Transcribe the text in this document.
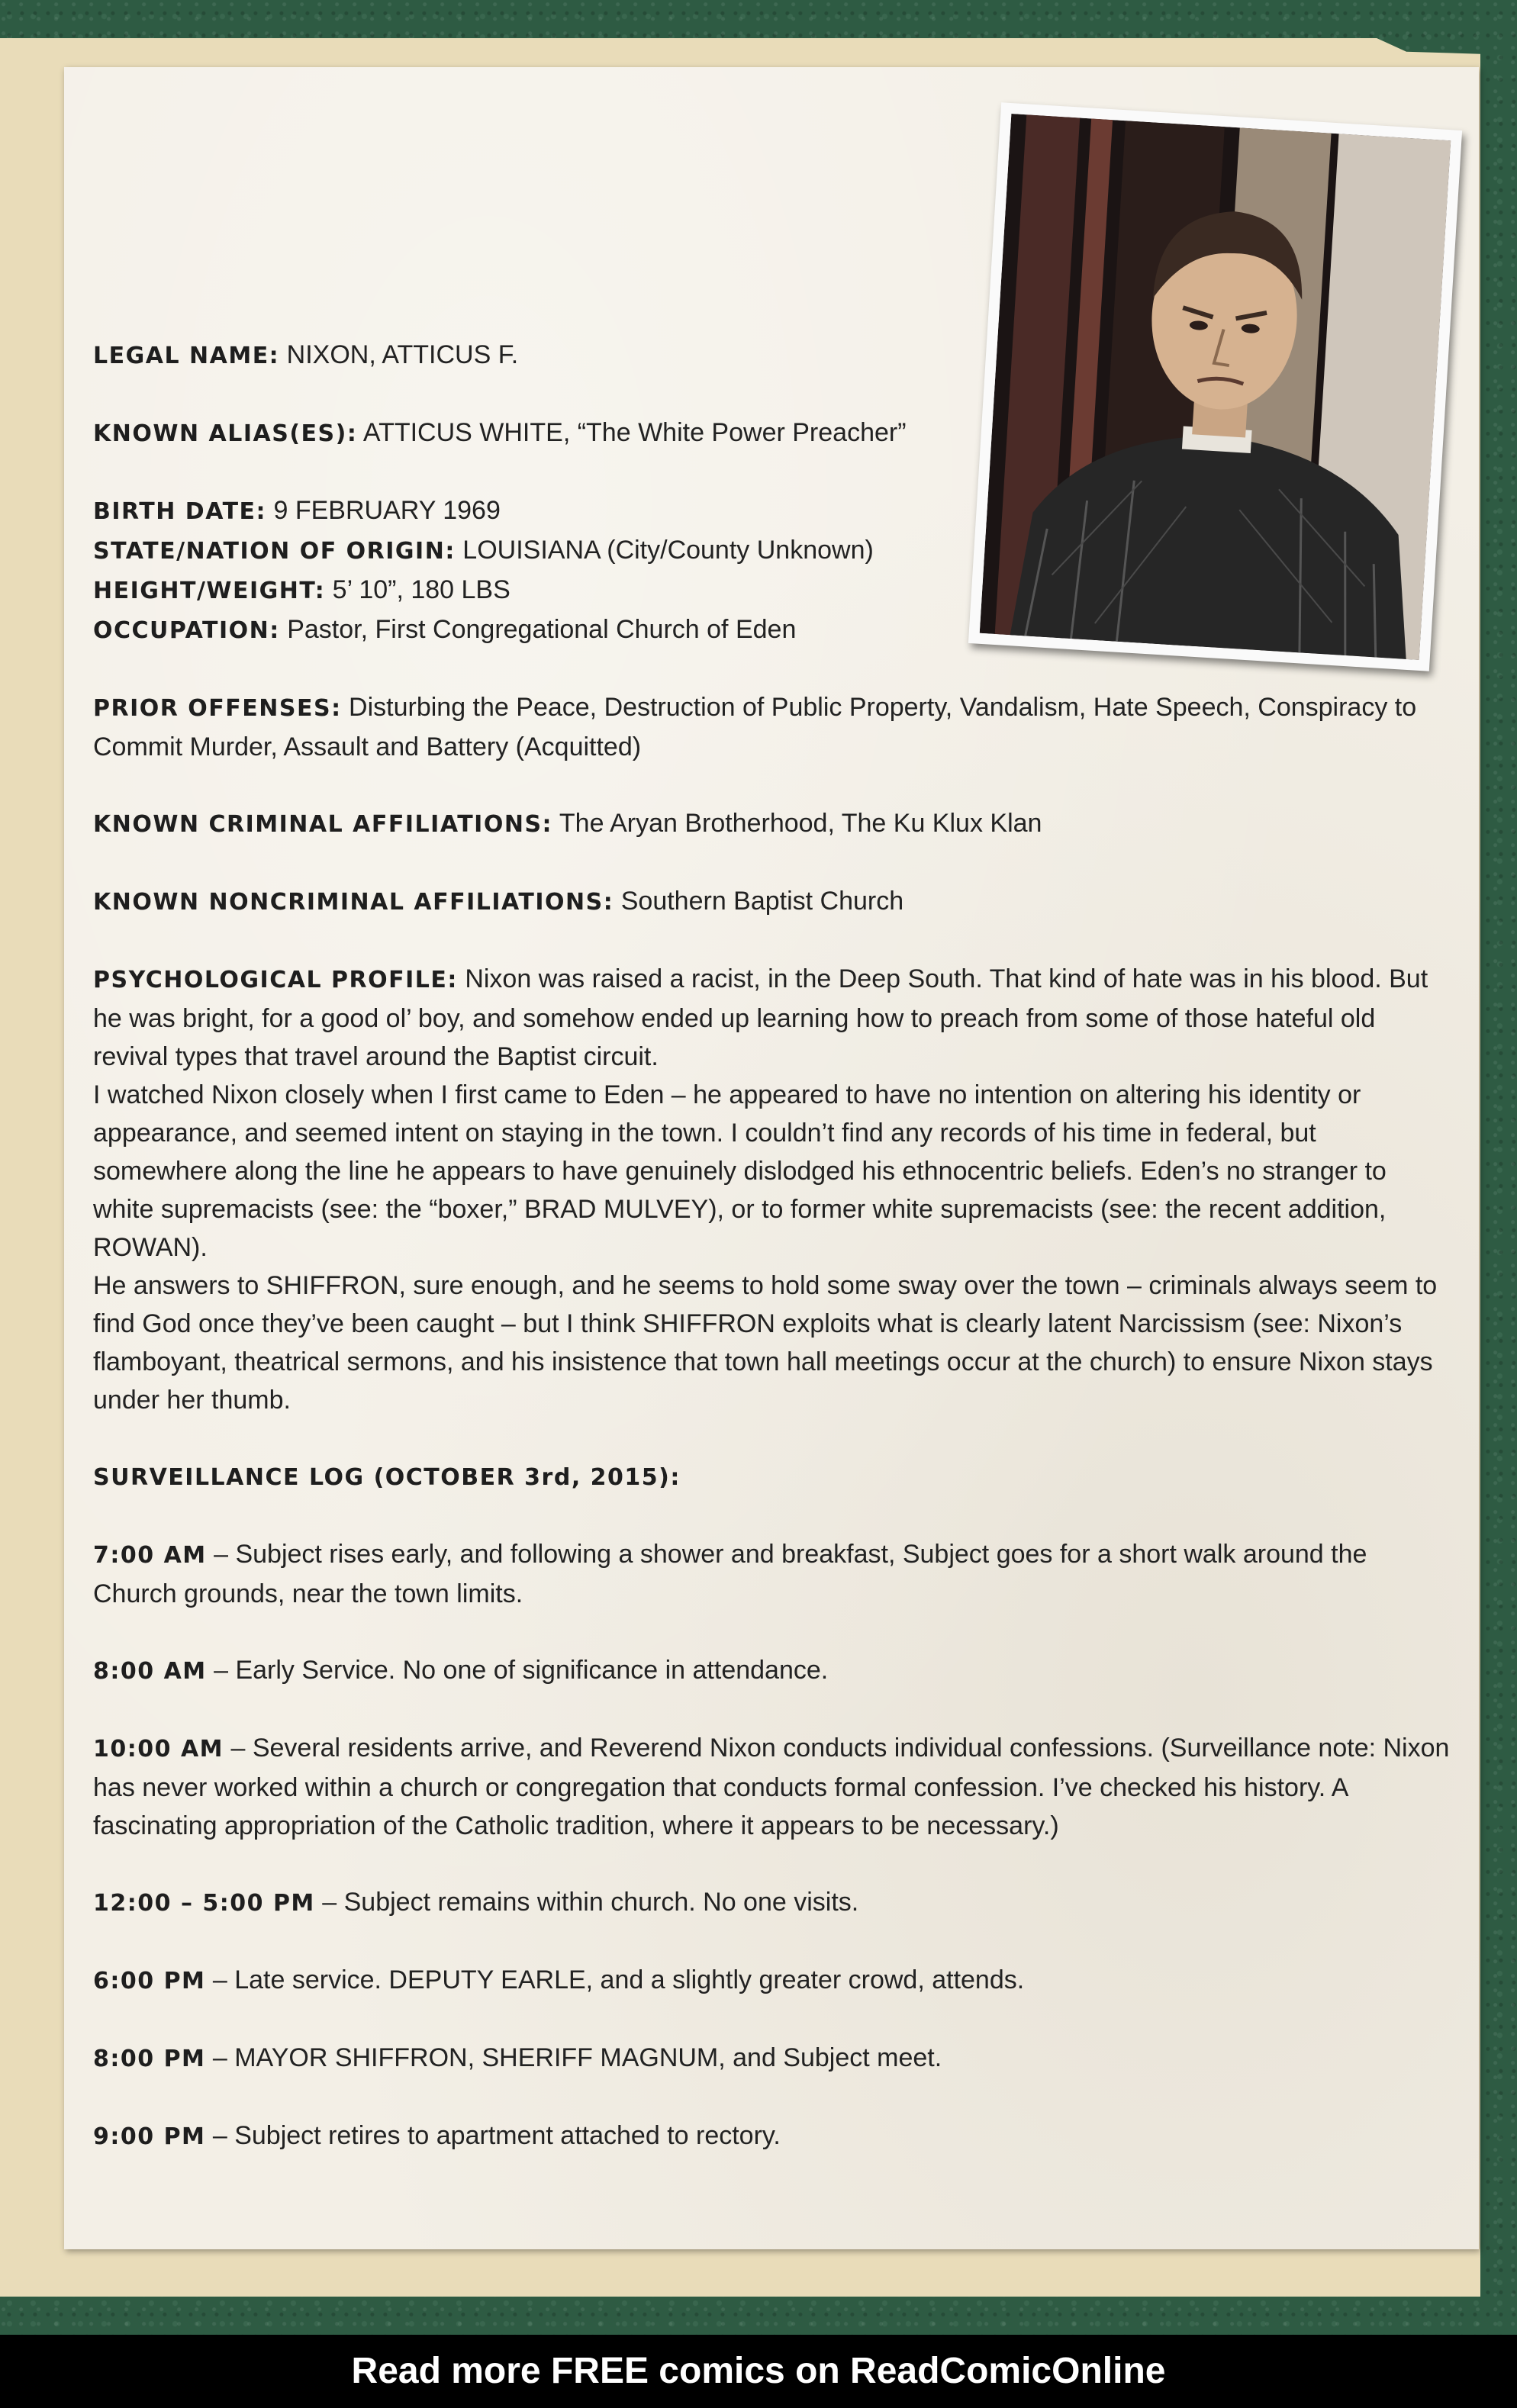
LEGAL NAME: NIXON, ATTICUS F.
KNOWN ALIAS(ES): ATTICUS WHITE, “The White Power Preacher”
BIRTH DATE: 9 FEBRUARY 1969
STATE/NATION OF ORIGIN: LOUISIANA (City/County Unknown)
HEIGHT/WEIGHT: 5’ 10”, 180 LBS
OCCUPATION: Pastor, First Congregational Church of Eden
PRIOR OFFENSES: Disturbing the Peace, Destruction of Public Property, Vandalism, Hate Speech, Conspiracy to Commit Murder, Assault and Battery (Acquitted)
KNOWN CRIMINAL AFFILIATIONS: The Aryan Brotherhood, The Ku Klux Klan
KNOWN NONCRIMINAL AFFILIATIONS: Southern Baptist Church

PSYCHOLOGICAL PROFILE: Nixon was raised a racist, in the Deep South. That kind of hate was in his blood. But he was bright, for a good ol’ boy, and somehow ended up learning how to preach from some of those hateful old revival types that travel around the Baptist circuit.

I watched Nixon closely when I first came to Eden – he appeared to have no intention on altering his identity or appearance, and seemed intent on staying in the town. I couldn’t find any records of his time in federal, but somewhere along the line he appears to have genuinely dislodged his ethnocentric beliefs. Eden’s no stranger to white supremacists (see: the “boxer,” BRAD MULVEY), or to former white supremacists (see: the recent addition, ROWAN).

He answers to SHIFFRON, sure enough, and he seems to hold some sway over the town – criminals always seem to find God once they’ve been caught – but I think SHIFFRON exploits what is clearly latent Narcissism (see: Nixon’s flamboyant, theatrical sermons, and his insistence that town hall meetings occur at the church) to ensure Nixon stays under her thumb.

SURVEILLANCE LOG (OCTOBER 3rd, 2015):
7:00 AM – Subject rises early, and following a shower and breakfast, Subject goes for a short walk around the Church grounds, near the town limits.
8:00 AM – Early Service. No one of significance in attendance.
10:00 AM – Several residents arrive, and Reverend Nixon conducts individual confessions. (Surveillance note: Nixon has never worked within a church or congregation that conducts formal confession. I’ve checked his history. A fascinating appropriation of the Catholic tradition, where it appears to be necessary.)
12:00 – 5:00 PM – Subject remains within church. No one visits.
6:00 PM – Late service. DEPUTY EARLE, and a slightly greater crowd, attends.
8:00 PM – MAYOR SHIFFRON, SHERIFF MAGNUM, and Subject meet.
9:00 PM – Subject retires to apartment attached to rectory.
Read more FREE comics on ReadComicOnline
